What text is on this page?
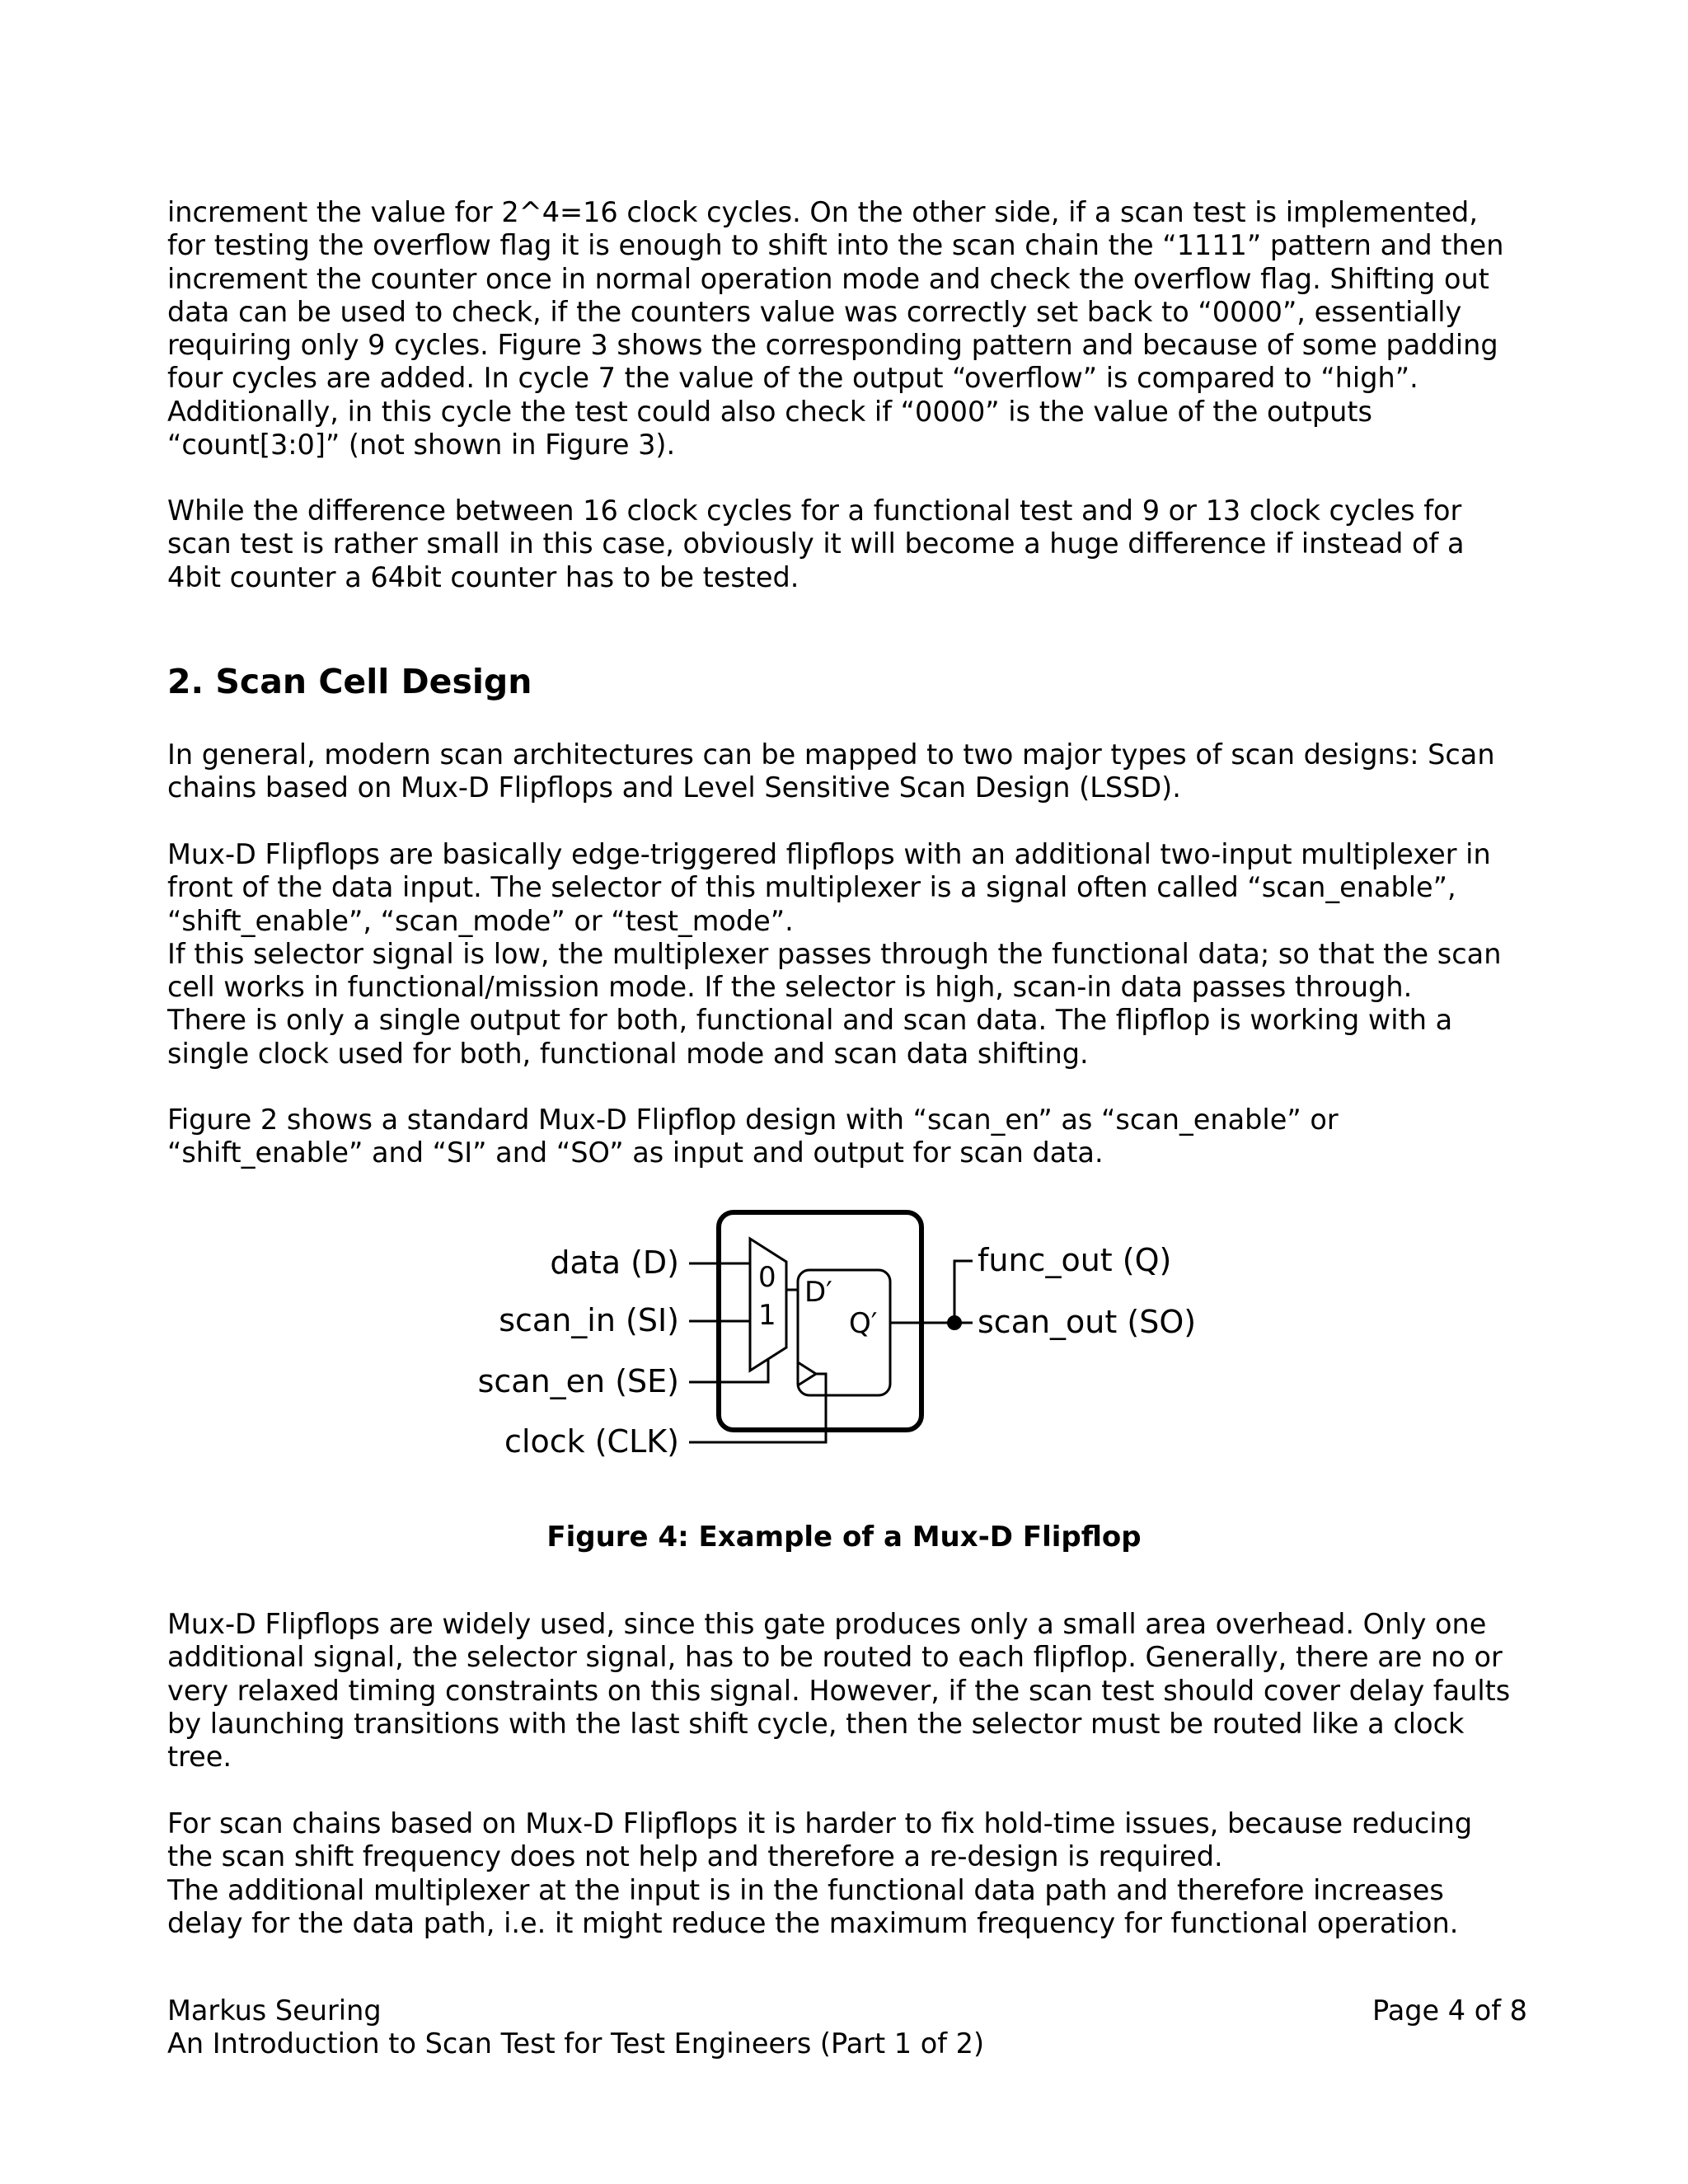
increment the value for 2^4=16 clock cycles. On the other side, if a scan test is implemented,
for testing the overflow flag it is enough to shift into the scan chain the “1111” pattern and then
increment the counter once in normal operation mode and check the overflow flag. Shifting out
data can be used to check, if the counters value was correctly set back to “0000”, essentially
requiring only 9 cycles. Figure 3 shows the corresponding pattern and because of some padding
four cycles are added. In cycle 7 the value of the output “overflow” is compared to “high”.
Additionally, in this cycle the test could also check if “0000” is the value of the outputs
“count[3:0]” (not shown in Figure 3).

While the difference between 16 clock cycles for a functional test and 9 or 13 clock cycles for
scan test is rather small in this case, obviously it will become a huge difference if instead of a
4bit counter a 64bit counter has to be tested.

2. Scan Cell Design

In general, modern scan architectures can be mapped to two major types of scan designs: Scan
chains based on Mux-D Flipflops and Level Sensitive Scan Design (LSSD).

Mux-D Flipflops are basically edge-triggered flipflops with an additional two-input multiplexer in
front of the data input. The selector of this multiplexer is a signal often called “scan_enable”,
“shift_enable”, “scan_mode” or “test_mode”.
If this selector signal is low, the multiplexer passes through the functional data; so that the scan
cell works in functional/mission mode. If the selector is high, scan-in data passes through.
There is only a single output for both, functional and scan data. The flipflop is working with a
single clock used for both, functional mode and scan data shifting.

Figure 2 shows a standard Mux-D Flipflop design with “scan_en” as “scan_enable” or
“shift_enable” and “SI” and “SO” as input and output for scan data.

data (D)
scan_in (SI)
scan_en (SE)
clock (CLK)
0
1
D′
Q′
func_out (Q)
scan_out (SO)

Figure 4: Example of a Mux-D Flipflop

Mux-D Flipflops are widely used, since this gate produces only a small area overhead. Only one
additional signal, the selector signal, has to be routed to each flipflop. Generally, there are no or
very relaxed timing constraints on this signal. However, if the scan test should cover delay faults
by launching transitions with the last shift cycle, then the selector must be routed like a clock
tree.

For scan chains based on Mux-D Flipflops it is harder to fix hold-time issues, because reducing
the scan shift frequency does not help and therefore a re-design is required.
The additional multiplexer at the input is in the functional data path and therefore increases
delay for the data path, i.e. it might reduce the maximum frequency for functional operation.

Markus Seuring

An Introduction to Scan Test for Test Engineers (Part 1 of 2)

Page 4 of 8
